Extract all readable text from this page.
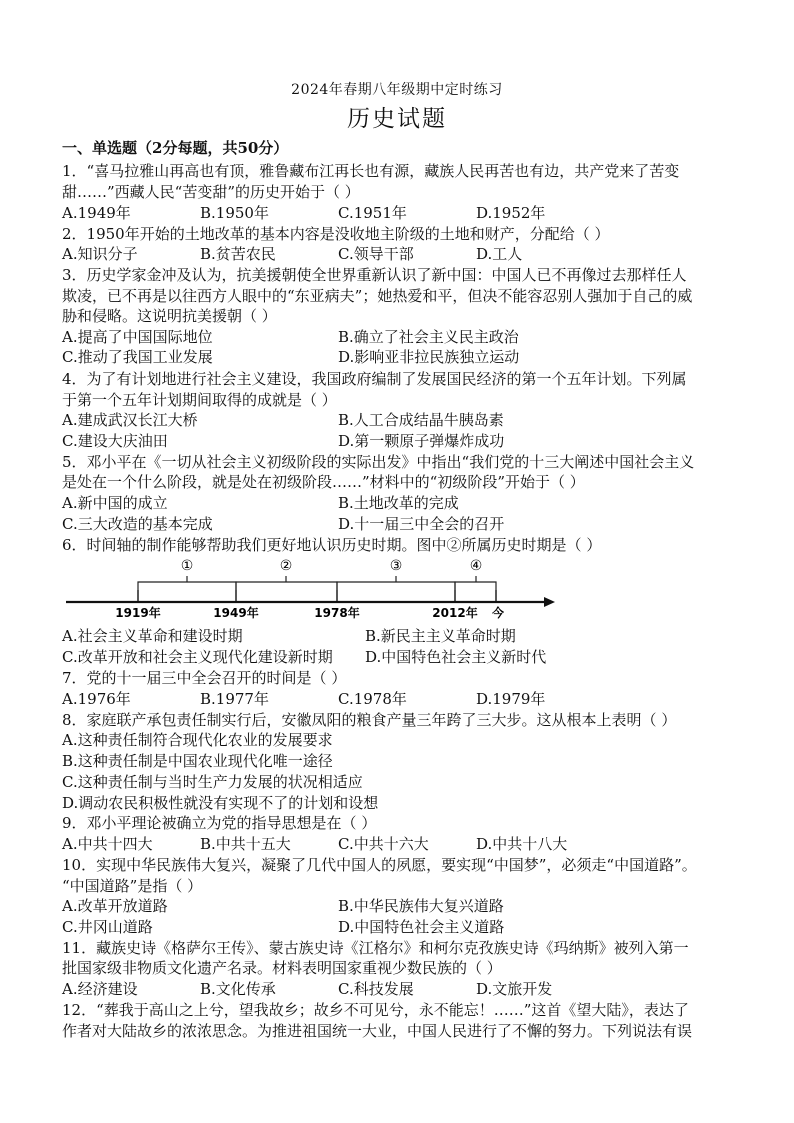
2024年春期八年级期中定时练习
历史试题
一、单选题（2分每题，共50分）
1．“喜马拉雅山再高也有顶，雅鲁藏布江再长也有源，藏族人民再苦也有边，共产党来了苦变
甜……”西藏人民“苦变甜”的历史开始于（ ）
A.1949年	B.1950年	C.1951年	D.1952年
2．1950年开始的土地改革的基本内容是没收地主阶级的土地和财产，分配给（ ）
A.知识分子	B.贫苦农民	C.领导干部	D.工人
3．历史学家金冲及认为，抗美援朝使全世界重新认识了新中国：中国人已不再像过去那样任人
欺凌，已不再是以往西方人眼中的“东亚病夫”；她热爱和平，但决不能容忍别人强加于自己的威
胁和侵略。这说明抗美援朝（ ）
A.提高了中国国际地位	B.确立了社会主义民主政治
C.推动了我国工业发展	D.影响亚非拉民族独立运动
4．为了有计划地进行社会主义建设，我国政府编制了发展国民经济的第一个五年计划。下列属
于第一个五年计划期间取得的成就是（ ）
A.建成武汉长江大桥	B.人工合成结晶牛胰岛素
C.建设大庆油田	D.第一颗原子弹爆炸成功
5．邓小平在《一切从社会主义初级阶段的实际出发》中指出“我们党的十三大阐述中国社会主义
是处在一个什么阶段，就是处在初级阶段……”材料中的“初级阶段”开始于（ ）
A.新中国的成立	B.土地改革的完成
C.三大改造的基本完成	D.十一届三中全会的召开
6．时间轴的制作能够帮助我们更好地认识历史时期。图中②所属历史时期是（ ）
①	②	③	④
1919年	1949年	1978年	2012年 今
A.社会主义革命和建设时期	B.新民主主义革命时期
C.改革开放和社会主义现代化建设新时期 D.中国特色社会主义新时代
7．党的十一届三中全会召开的时间是（ ）
A.1976年	B.1977年	C.1978年	D.1979年
8．家庭联产承包责任制实行后，安徽凤阳的粮食产量三年跨了三大步。这从根本上表明（ ）
A.这种责任制符合现代化农业的发展要求
B.这种责任制是中国农业现代化唯一途径
C.这种责任制与当时生产力发展的状况相适应
D.调动农民积极性就没有实现不了的计划和设想
9．邓小平理论被确立为党的指导思想是在（ ）
A.中共十四大	B.中共十五大	C.中共十六大	D.中共十八大
10．实现中华民族伟大复兴，凝聚了几代中国人的夙愿，要实现“中国梦”，必须走“中国道路”。
“中国道路”是指（ ）
A.改革开放道路	B.中华民族伟大复兴道路
C.井冈山道路	D.中国特色社会主义道路
11．藏族史诗《格萨尔王传》、蒙古族史诗《江格尔》和柯尔克孜族史诗《玛纳斯》被列入第一
批国家级非物质文化遗产名录。材料表明国家重视少数民族的（ ）
A.经济建设	B.文化传承	C.科技发展	D.文旅开发
12．“葬我于高山之上兮，望我故乡；故乡不可见兮，永不能忘！……”这首《望大陆》，表达了
作者对大陆故乡的浓浓思念。为推进祖国统一大业，中国人民进行了不懈的努力。下列说法有误
